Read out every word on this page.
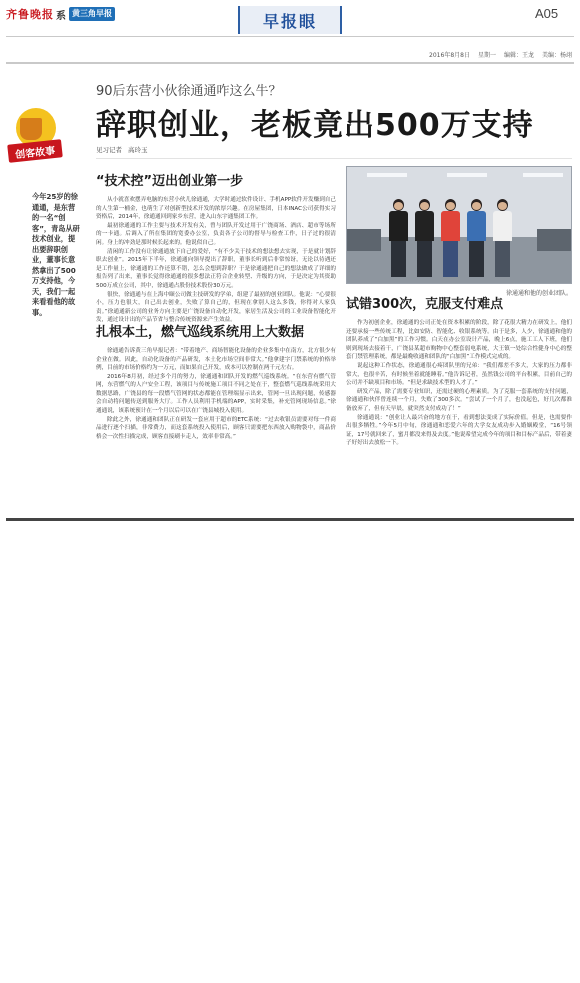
齐鲁晚报 系 黄三角早报	早报眼	A05
2016年8月8日 星期一 编辑：王龙 美编：杨翊
创客故事
今年25岁的徐通通，是东营的一名“创客”，青岛从研技术创业，提出要辞职创业，董事长意然拿出了500万支持他，今天，我们一起来看看他的故事。
90后东营小伙徐通通咋这么牛？
辞职创业，老板竟出500万支持
见习记者 高玲玉
“技术控”迈出创业第一步

从小就喜欢摆弄电脑的东营小伙儿徐通通，大学时通过软件设计、手机APP软件开发赚到自己的人生第一桶金，也萌生了对创新型技术开发的浓厚兴趣。在房屋集团，日本INAC公司获得实习资格后，2014年，徐通通回到家乡东营，进入山东宇通集团工作。

最初徐通通的工作主要与技术开发有关，曾与团队开发过用于广饶商场、酒店、超市等场所的一卡通。后调入了所在集团的宽委办公室，负责各子公司的督导与检查工作，日子过的很清闲。身上的冲劲是那时候长起来的。他说似自己。

清闲的工作没有让徐通通放下自己的爱好，“有不少关于技术的想法想去实现，于是就计划辞职去创业”。2015年下半年，徐通通向领导提出了辞职，董事长听到后非常惊讶，无论以待遇还是工作量上，徐通通的工作还算不错，怎么会想到辞职？于是徐通通把自己的想法做成了详细的报告列了出来，董事长觉得徐通通的很多想法正符合企业转型、升级的方向，于是决定为其资助500万成立公司，其中，徐通通占股份技术股份30万元。

很快，徐通通与在上海中颐公司做主技研发的学弟，组建了最初的创业团队。他说：“心要很小，压力也很大，自己出去创业，失败了算自己的，但现在拿别人这么多钱，你得对人家负责。”徐通通新公司的业务方向主要是广饶设备自动化开发，家居生活及公司的工业设备智能化开发，通过设计出的产品节省与整合传统资源来产生效益。

扎根本土，燃气巡线系统用上大数据

徐通通告诉黄三角早报记者：“带着地产、商场智能化设备的企业多集中在南方，北方很少有企业在做。因此，自动化设备的产品研发，本土化市场空间非常大。”他拿建字门禁系统的价格举例，目前的市场价格约为一万元，而如果自己开发，成本可以控制在两千元左右。

2016年8月初，经过多个月的努力，徐通通和团队开发的燃气巡线系统。“在东营有燃气管网，东营燃气的人户安全工程，该项目与传统施工项目不同之处在于，整套燃气巡线系统采用大数据思路，广饶县的每一段燃气管网的状态都能在管理端显示出来，管网一旦出现问题，传感器会自动将问题传送到服务大厅。工作人员利用手机端的APP，实时采集，补充管网现场信息。”徐通通说，该系统预计在一个月以后可以在广饶县城投入使用。

除此之外，徐通通和团队正在研发一套应用于超市的ETC系统：“过去收银员需要对每一件商品进行逐个扫描，非常费力，而这套系统投入使用后，顾客只需要把东西放入购物袋中，商品价格会一次性扫描完成，顾客直接刷卡走人，效率非常高。”

徐通通和他的创业团队。
试错300次，克服支付难点

作为初创企业，徐通通的公司正处在资本积累的阶段，除了花很大精力在研发上，他们还要承接一些传统工程，比如安防、智能化、收银系统等。由于是多，人少，徐通通和他的团队养成了“白加黑”的工作习惯。白天在办公室设计产品，晚上6点，施工工人下班，他们则到现场去接着干，广饶县某超市购物中心整套弱电系统，大王镇一处综合性健身中心的整套门禁管理系统，都是最晚收通和团队的“白加黑”工作模式完成的。

说起这种工作状态，徐通通很心疼团队里的兄弟：“我们都差不多大，大家的压力都非常大，也很辛苦，有时候坐着就能睡着。”他告诉记者，虽然钱公司的平台积累，目前自己的公司并不缺项目和市场。“但是求缺技术型的人才了。”

研发产品，除了需要专业知识，还需过硬的心理素质。为了克服一套系统的支付问题，徐通通和伙伴曾连续一个月，失败了300多次。“尝试了一个月了，也没起色，好几次都准备放弃了，但有天早晨，就突然支付成功了！”

徐通通说：“创业让人最兴奋的地方在于，看到想法变成了实际价值。但是，也需要作出很多牺牲。”今年5月中旬，徐通通和恋爱六年的大学女友成功步入婚姻殿堂，“16号领证，17号就回来了，蜜月都没来得及去度。”他说希望完成今年的项目和目标产品后，带着妻子好好出去放松一下。
